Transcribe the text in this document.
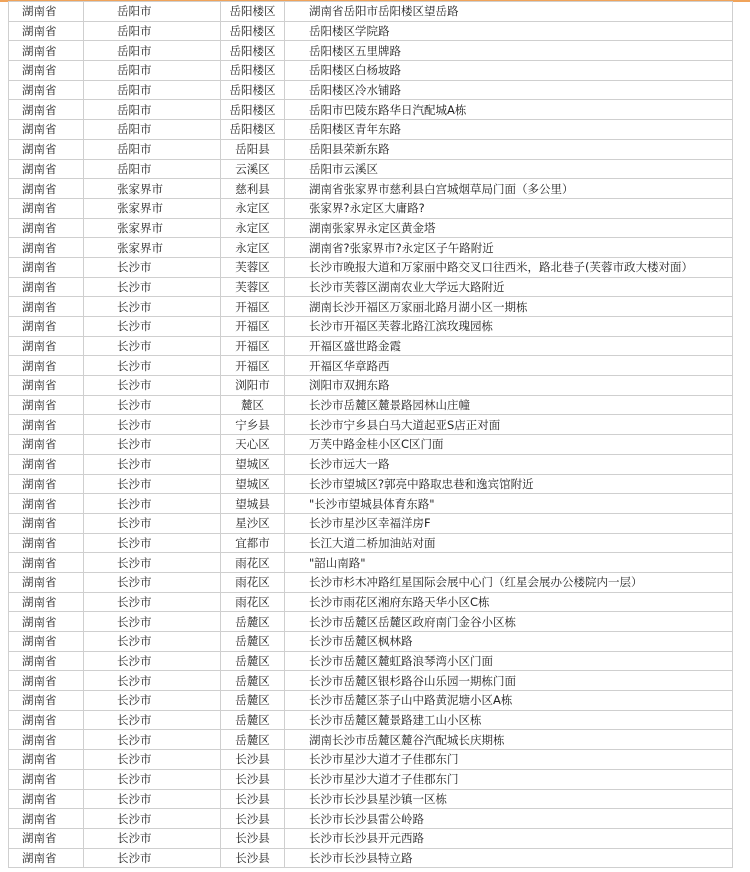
湖南省	岳阳市	岳阳楼区	湖南省岳阳市岳阳楼区望岳路
湖南省	岳阳市	岳阳楼区	岳阳楼区学院路
湖南省	岳阳市	岳阳楼区	岳阳楼区五里牌路
湖南省	岳阳市	岳阳楼区	岳阳楼区白杨坡路
湖南省	岳阳市	岳阳楼区	岳阳楼区冷水铺路
湖南省	岳阳市	岳阳楼区	岳阳市巴陵东路华日汽配城A栋
湖南省	岳阳市	岳阳楼区	岳阳楼区青年东路
湖南省	岳阳市	岳阳县	岳阳县荣新东路
湖南省	岳阳市	云溪区	岳阳市云溪区
湖南省	张家界市	慈利县	湖南省张家界市慈利县白宫城烟草局门面（多公里）
湖南省	张家界市	永定区	张家界?永定区大庸路?
湖南省	张家界市	永定区	湖南张家界永定区黄金塔
湖南省	张家界市	永定区	湖南省?张家界市?永定区子午路附近
湖南省	长沙市	芙蓉区	长沙市晚报大道和万家丽中路交叉口往西米，路北巷子(芙蓉市政大楼对面）
湖南省	长沙市	芙蓉区	长沙市芙蓉区湖南农业大学远大路附近
湖南省	长沙市	开福区	湖南长沙开福区万家丽北路月湖小区一期栋
湖南省	长沙市	开福区	长沙市开福区芙蓉北路江滨玫瑰园栋
湖南省	长沙市	开福区	开福区盛世路金霞
湖南省	长沙市	开福区	开福区华章路西
湖南省	长沙市	浏阳市	浏阳市双拥东路
湖南省	长沙市	麓区	长沙市岳麓区麓景路园林山庄幢
湖南省	长沙市	宁乡县	长沙市宁乡县白马大道起亚S店正对面
湖南省	长沙市	天心区	万芙中路金桂小区C区门面
湖南省	长沙市	望城区	长沙市远大一路
湖南省	长沙市	望城区	长沙市望城区?郭亮中路取忠巷和逸宾馆附近
湖南省	长沙市	望城县	"长沙市望城县体育东路"
湖南省	长沙市	星沙区	长沙市星沙区幸福洋房F
湖南省	长沙市	宜都市	长江大道二桥加油站对面
湖南省	长沙市	雨花区	"韶山南路"
湖南省	长沙市	雨花区	长沙市杉木冲路红星国际会展中心门（红星会展办公楼院内一层）
湖南省	长沙市	雨花区	长沙市雨花区湘府东路天华小区C栋
湖南省	长沙市	岳麓区	长沙市岳麓区岳麓区政府南门金谷小区栋
湖南省	长沙市	岳麓区	长沙市岳麓区枫林路
湖南省	长沙市	岳麓区	长沙市岳麓区麓虹路浪琴湾小区门面
湖南省	长沙市	岳麓区	长沙市岳麓区银杉路谷山乐园一期栋门面
湖南省	长沙市	岳麓区	长沙市岳麓区茶子山中路黄泥塘小区A栋
湖南省	长沙市	岳麓区	长沙市岳麓区麓景路建工山小区栋
湖南省	长沙市	岳麓区	湖南长沙市岳麓区麓谷汽配城长庆期栋
湖南省	长沙市	长沙县	长沙市星沙大道才子佳郡东门
湖南省	长沙市	长沙县	长沙市星沙大道才子佳郡东门
湖南省	长沙市	长沙县	长沙市长沙县星沙镇一区栋
湖南省	长沙市	长沙县	长沙市长沙县雷公岭路
湖南省	长沙市	长沙县	长沙市长沙县开元西路
湖南省	长沙市	长沙县	长沙市长沙县特立路
